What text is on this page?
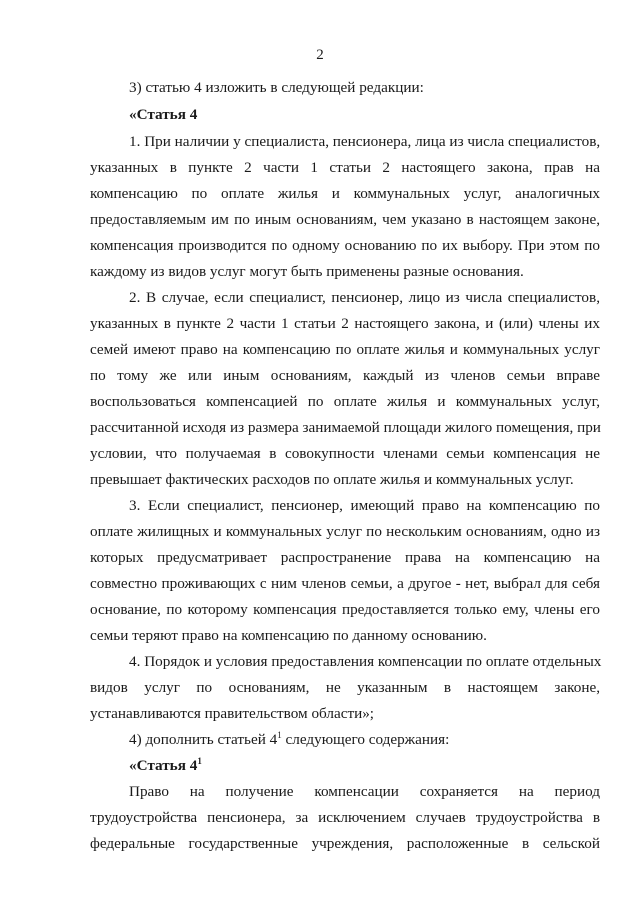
2
3) статью 4 изложить в следующей редакции:
«Статья 4
1. При наличии у специалиста, пенсионера, лица из числа специалистов,
указанных в пункте 2 части 1 статьи 2 настоящего закона, прав на
компенсацию по оплате жилья и коммунальных услуг, аналогичных
предоставляемым им по иным основаниям, чем указано в настоящем законе,
компенсация производится по одному основанию по их выбору. При этом по
каждому из видов услуг могут быть применены разные основания.
2. В случае, если специалист, пенсионер, лицо из числа специалистов,
указанных в пункте 2 части 1 статьи 2 настоящего закона, и (или) члены их
семей имеют право на компенсацию по оплате жилья и коммунальных услуг
по тому же или иным основаниям, каждый из членов семьи вправе
воспользоваться компенсацией по оплате жилья и коммунальных услуг,
рассчитанной исходя из размера занимаемой площади жилого помещения, при
условии, что получаемая в совокупности членами семьи компенсация не
превышает фактических расходов по оплате жилья и коммунальных услуг.
3. Если специалист, пенсионер, имеющий право на компенсацию по
оплате жилищных и коммунальных услуг по нескольким основаниям, одно из
которых предусматривает распространение права на компенсацию на
совместно проживающих с ним членов семьи, а другое - нет, выбрал для себя
основание, по которому компенсация предоставляется только ему, члены его
семьи теряют право на компенсацию по данному основанию.
4. Порядок и условия предоставления компенсации по оплате отдельных
видов услуг по основаниям, не указанным в настоящем законе,
устанавливаются правительством области»;
4) дополнить статьей $4^1$ следующего содержания:
«Статья $4^1$
Право на получение компенсации сохраняется на период
трудоустройства пенсионера, за исключением случаев трудоустройства в
федеральные государственные учреждения, расположенные в сельской
